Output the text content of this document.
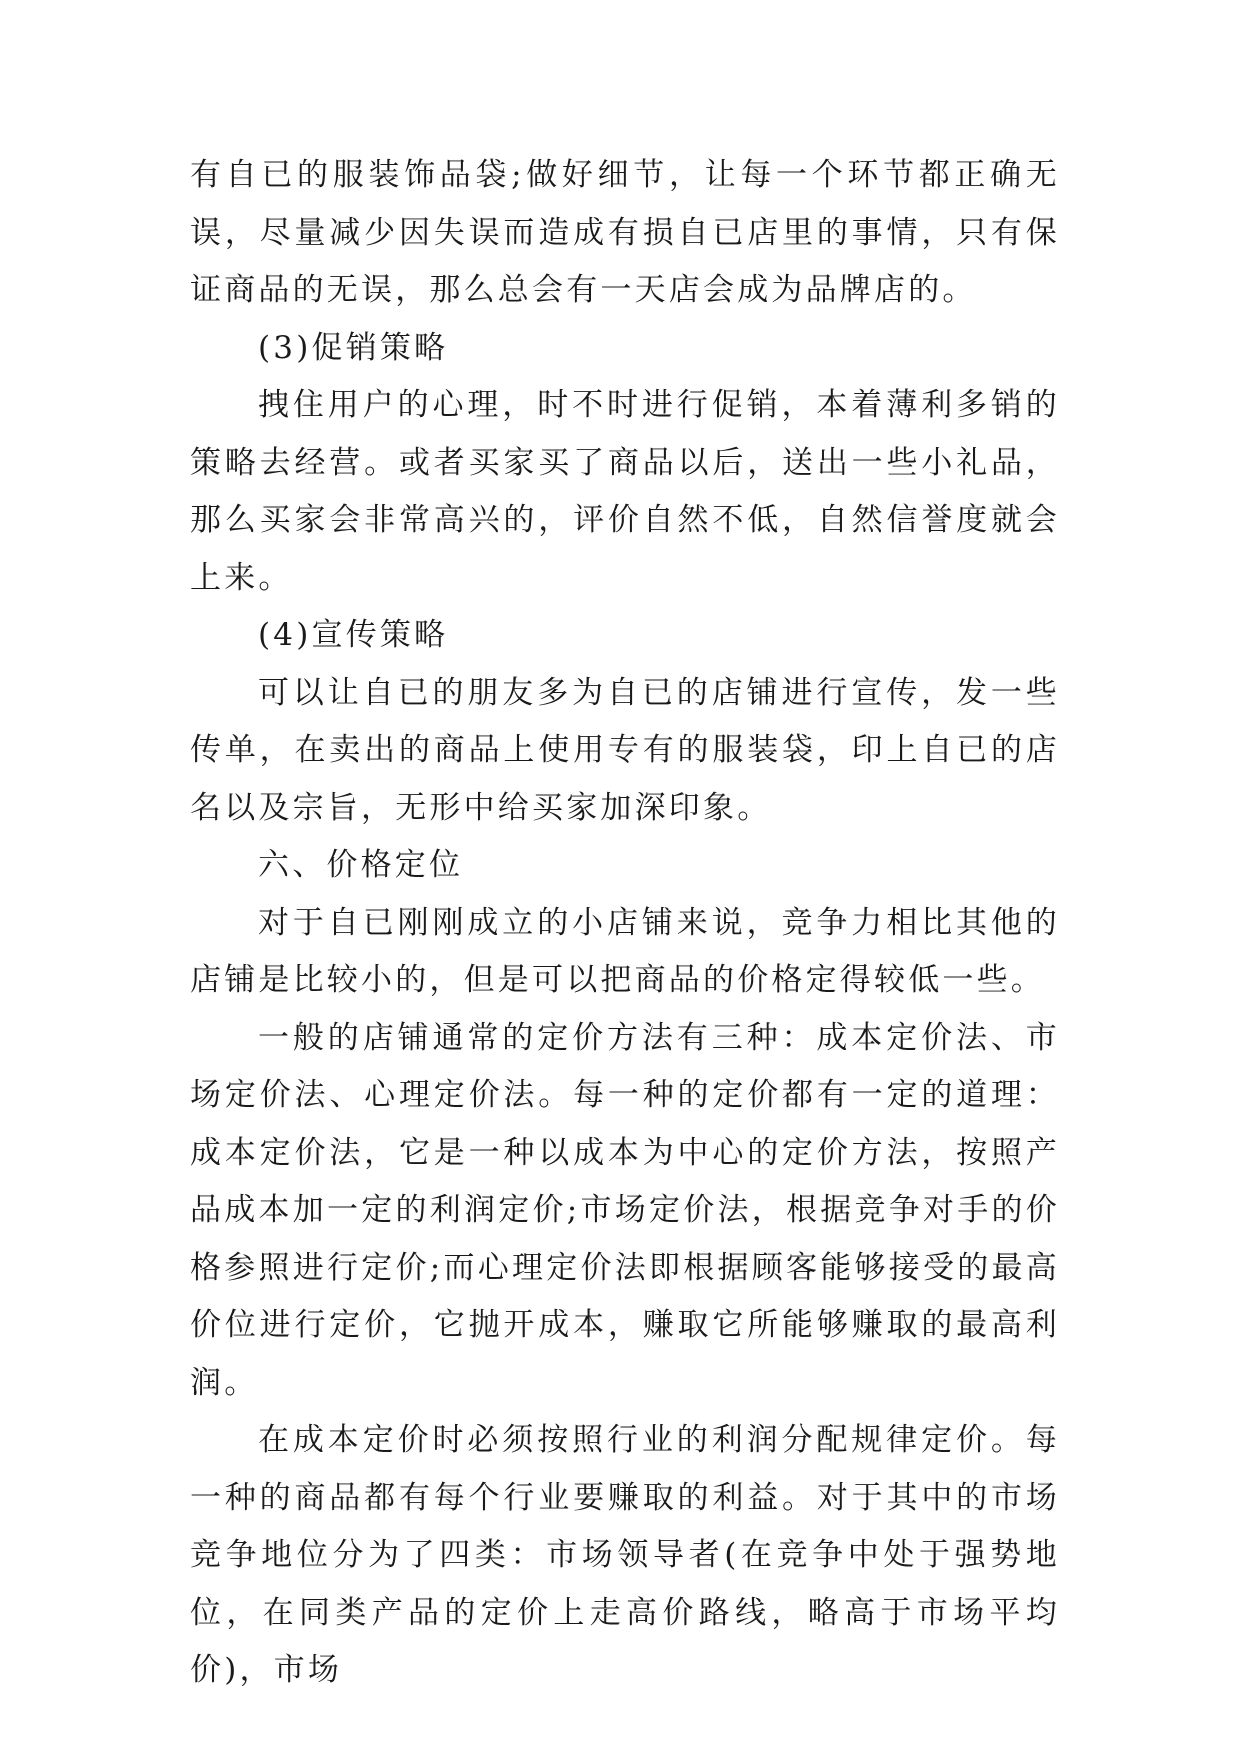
有自已的服装饰品袋;做好细节，让每一个环节都正确无误，尽量减少因失误而造成有损自已店里的事情，只有保证商品的无误，那么总会有一天店会成为品牌店的。

(3)促销策略

拽住用户的心理，时不时进行促销，本着薄利多销的策略去经营。或者买家买了商品以后，送出一些小礼品，那么买家会非常高兴的，评价自然不低，自然信誉度就会上来。

(4)宣传策略

可以让自已的朋友多为自已的店铺进行宣传，发一些传单，在卖出的商品上使用专有的服装袋，印上自已的店名以及宗旨，无形中给买家加深印象。

六、价格定位

对于自已刚刚成立的小店铺来说，竞争力相比其他的店铺是比较小的，但是可以把商品的价格定得较低一些。

一般的店铺通常的定价方法有三种：成本定价法、市场定价法、心理定价法。每一种的定价都有一定的道理：成本定价法，它是一种以成本为中心的定价方法，按照产品成本加一定的利润定价;市场定价法，根据竞争对手的价格参照进行定价;而心理定价法即根据顾客能够接受的最高价位进行定价，它抛开成本，赚取它所能够赚取的最高利润。

在成本定价时必须按照行业的利润分配规律定价。每一种的商品都有每个行业要赚取的利益。对于其中的市场竞争地位分为了四类：市场领导者(在竞争中处于强势地位，在同类产品的定价上走高价路线，略高于市场平均价)，市场
